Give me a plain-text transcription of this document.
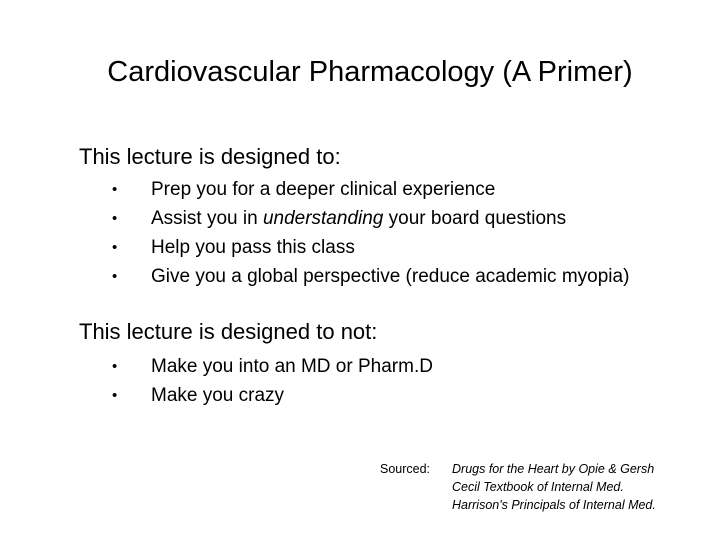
Cardiovascular Pharmacology (A Primer)
This lecture is designed to:
•	Prep you for a deeper clinical experience
•	Assist you in understanding your board questions
•	Help you pass this class
•	Give you a global perspective (reduce academic myopia)
This lecture is designed to not:
•	Make you into an MD or Pharm.D
•	Make you crazy
Sourced: Drugs for the Heart by Opie & Gersh
Cecil Textbook of Internal Med.
Harrison's Principals of Internal Med.
